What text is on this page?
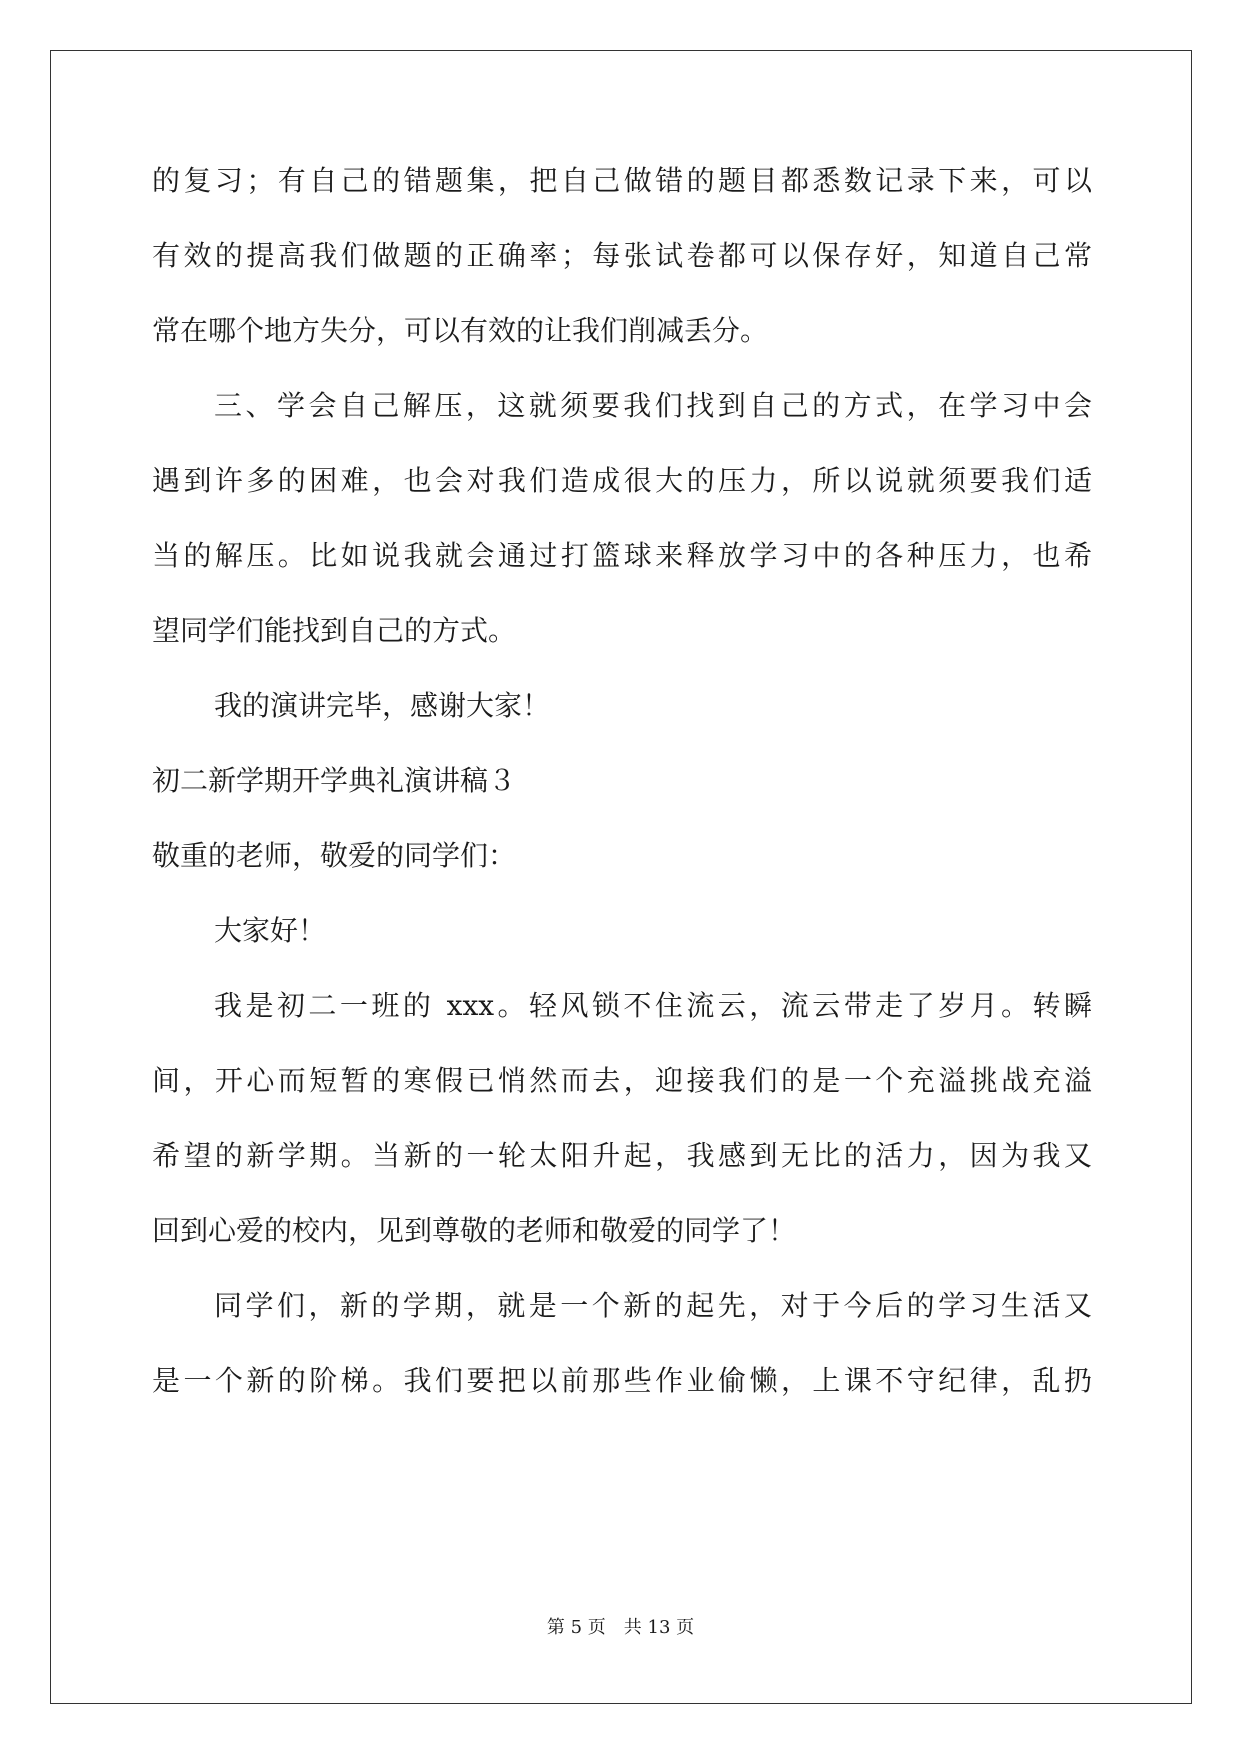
的复习；有自己的错题集，把自己做错的题目都悉数记录下来，可以
有效的提高我们做题的正确率；每张试卷都可以保存好，知道自己常
常在哪个地方失分，可以有效的让我们削减丢分。
三、学会自己解压，这就须要我们找到自己的方式，在学习中会
遇到许多的困难，也会对我们造成很大的压力，所以说就须要我们适
当的解压。比如说我就会通过打篮球来释放学习中的各种压力，也希
望同学们能找到自己的方式。
我的演讲完毕，感谢大家！
初二新学期开学典礼演讲稿３
敬重的老师，敬爱的同学们：
大家好！
我是初二一班的 xxx。轻风锁不住流云，流云带走了岁月。转瞬
间，开心而短暂的寒假已悄然而去，迎接我们的是一个充溢挑战充溢
希望的新学期。当新的一轮太阳升起，我感到无比的活力，因为我又
回到心爱的校内，见到尊敬的老师和敬爱的同学了！
同学们，新的学期，就是一个新的起先，对于今后的学习生活又
是一个新的阶梯。我们要把以前那些作业偷懒，上课不守纪律，乱扔
第 5 页 共 13 页
